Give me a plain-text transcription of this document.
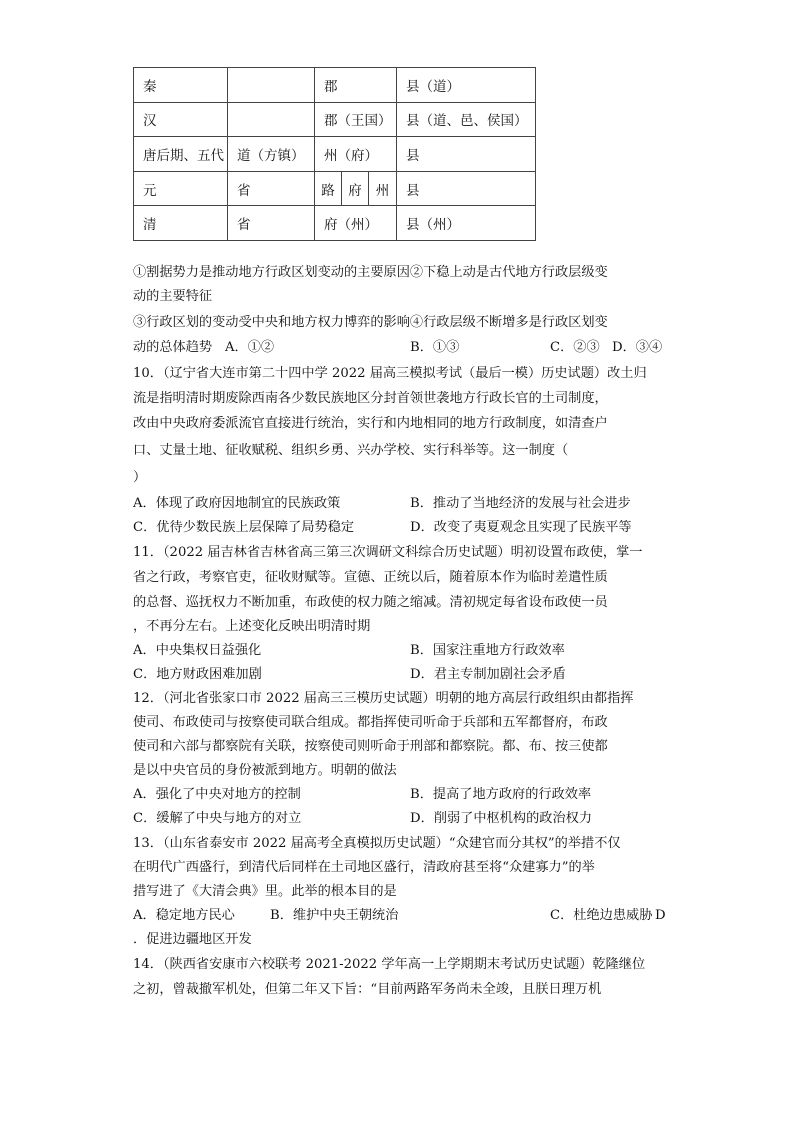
秦		郡			县（道）
汉		郡（王国）			县（道、邑、侯国）
唐后期、五代	道（方镇）	州（府）			县
元	省	路	府	州	县
清	省	府（州）			县（州）
①割据势力是推动地方行政区划变动的主要原因②下稳上动是古代地方行政层级变
动的主要特征
③行政区划的变动受中央和地方权力博弈的影响④行政层级不断增多是行政区划变
动的总体趋势 A．①②	B．①③	C．②③ D．③④
10．（辽宁省大连市第二十四中学 2022 届高三模拟考试（最后一模）历史试题）改土归
流是指明清时期废除西南各少数民族地区分封首领世袭地方行政长官的土司制度，
改由中央政府委派流官直接进行统治，实行和内地相同的地方行政制度，如清查户
口、丈量土地、征收赋税、组织乡勇、兴办学校、实行科举等。这一制度（
）
A．体现了政府因地制宜的民族政策	B．推动了当地经济的发展与社会进步
C．优待少数民族上层保障了局势稳定	D．改变了夷夏观念且实现了民族平等
11．（2022 届吉林省吉林省高三第三次调研文科综合历史试题）明初设置布政使，掌一
省之行政，考察官吏，征收财赋等。宣德、正统以后，随着原本作为临时差遣性质
的总督、巡抚权力不断加重，布政使的权力随之缩减。清初规定每省设布政使一员
，不再分左右。上述变化反映出明清时期
A．中央集权日益强化	B．国家注重地方行政效率
C．地方财政困难加剧	D．君主专制加剧社会矛盾
12．（河北省张家口市 2022 届高三三模历史试题）明朝的地方高层行政组织由都指挥
使司、布政使司与按察使司联合组成。都指挥使司听命于兵部和五军都督府，布政
使司和六部与都察院有关联，按察使司则听命于刑部和都察院。都、布、按三使都
是以中央官员的身份被派到地方。明朝的做法
A．强化了中央对地方的控制	B．提高了地方政府的行政效率
C．缓解了中央与地方的对立	D．削弱了中枢机构的政治权力
13．（山东省泰安市 2022 届高考全真模拟历史试题）“众建官而分其权”的举措不仅
在明代广西盛行，到清代后同样在土司地区盛行，清政府甚至将“众建寡力”的举
措写进了《大清会典》里。此举的根本目的是
A．稳定地方民心	B．维护中央王朝统治	C．杜绝边患威胁 D
．促进边疆地区开发
14．（陕西省安康市六校联考 2021-2022 学年高一上学期期末考试历史试题）乾隆继位
之初，曾裁撤军机处，但第二年又下旨：“目前两路军务尚未全竣，且朕日理万机
